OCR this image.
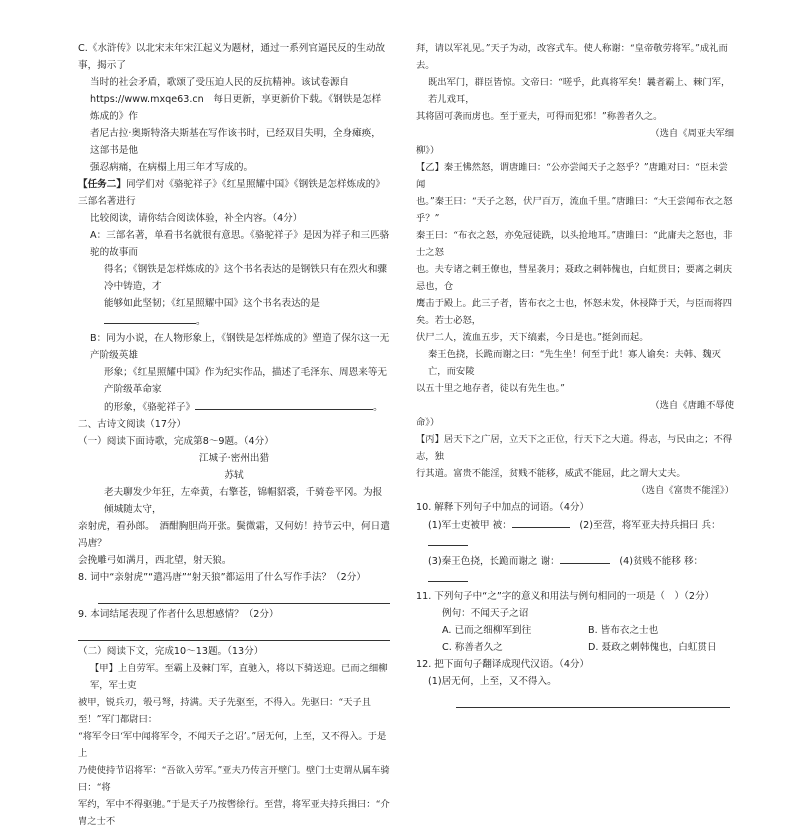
C.《水浒传》以北宋末年宋江起义为题材，通过一系列官逼民反的生动故事，揭示了

当时的社会矛盾，歌颂了受压迫人民的反抗精神。该试卷源自

https://www.mxqe63.cn　 每日更新，享更新价下载。《钢铁是怎样炼成的》作

者尼古拉·奥斯特洛夫斯基在写作该书时，已经双目失明，全身瘫痪，这部书是他

强忍病痛，在病榻上用三年才写成的。

【任务二】同学们对《骆驼祥子》《红星照耀中国》《钢铁是怎样炼成的》三部名著进行

比较阅读，请你结合阅读体验，补全内容。（4分）

A：三部名著，单看书名就很有意思。《骆驼祥子》是因为祥子和三匹骆驼的故事而

得名；《钢铁是怎样炼成的》这个书名表达的是钢铁只有在烈火和骤冷中铸造，才

能够如此坚韧；《红星照耀中国》这个书名表达的是。

B：同为小说，在人物形象上，《钢铁是怎样炼成的》塑造了保尔这一无产阶级英雄

形象；《红星照耀中国》作为纪实作品，描述了毛泽东、周恩来等无产阶级革命家

的形象，《骆驼祥子》	。

二、古诗文阅读（17分）

（一）阅读下面诗歌，完成第8～9题。（4分）

江城子·密州出猎

苏轼

老夫聊发少年狂，左牵黄，右擎苍，锦帽貂裘，千骑卷平冈。为报倾城随太守，

亲射虎，看孙郎。　酒酣胸胆尚开张。鬓微霜，又何妨！持节云中，何日遣冯唐？

会挽雕弓如满月，西北望，射天狼。

8. 词中“亲射虎”“遣冯唐”“射天狼”都运用了什么写作手法？（2分）

9. 本词结尾表现了作者什么思想感情？（2分）

（二）阅读下文，完成10～13题。（13分）

【甲】上自劳军。至霸上及棘门军，直驰入，将以下骑送迎。已而之细柳军，军士吏

被甲，锐兵刃，彀弓弩，持满。天子先驱至，不得入。先驱曰：“天子且至！”军门都尉曰：

“将军令曰‘军中闻将军令，不闻天子之诏’。”居无何，上至，又不得入。于是上

乃使使持节诏将军：“吾欲入劳军。”亚夫乃传言开壁门。壁门士吏谓从属车骑曰：“将

军约，军中不得驱驰。”于是天子乃按辔徐行。至营，将军亚夫持兵揖曰：“介胄之士不

拜，请以军礼见。”天子为动，改容式车。使人称谢：“皇帝敬劳将军。”成礼而去。

既出军门，群臣皆惊。文帝曰：“嗟乎，此真将军矣！曩者霸上、棘门军，若儿戏耳，

其将固可袭而虏也。至于亚夫，可得而犯邪！”称善者久之。

（选自《周亚夫军细

柳》）

【乙】秦王怫然怒，谓唐雎曰：“公亦尝闻天子之怒乎？”唐雎对曰：“臣未尝闻

也。”秦王曰：“天子之怒，伏尸百万，流血千里。”唐雎曰：“大王尝闻布衣之怒乎？”

秦王曰：“布衣之怒，亦免冠徒跣，以头抢地耳。”唐雎曰：“此庸夫之怒也，非士之怒

也。夫专诸之刺王僚也，彗星袭月；聂政之刺韩傀也，白虹贯日；要离之刺庆忌也，仓

鹰击于殿上。此三子者，皆布衣之士也，怀怒未发，休祲降于天，与臣而将四矣。若士必怒，

伏尸二人，流血五步，天下缟素，今日是也。”挺剑而起。

秦王色挠，长跪而谢之曰：“先生坐！何至于此！寡人谕矣：夫韩、魏灭亡，而安陵

以五十里之地存者，徒以有先生也。”

（选自《唐雎不辱使

命》）

【丙】居天下之广居，立天下之正位，行天下之大道。得志，与民由之；不得志，独

行其道。富贵不能淫，贫贱不能移，威武不能屈，此之谓大丈夫。

（选自《富贵不能淫》）

10. 解释下列句子中加点的词语。（4分）

(1)军士吏被甲 被：　	(2)至营，将军亚夫持兵揖曰 兵：

(3)秦王色挠，长跪而谢之 谢：　	(4)贫贱不能移 移：

11. 下列句子中“之”字的意义和用法与例句相同的一项是（　）（2分）

例句：不闻天子之诏

A. 已而之细柳军到往	B. 皆布衣之士也
C. 称善者久之	D. 聂政之刺韩傀也，白虹贯日

12. 把下面句子翻译成现代汉语。（4分）

(1)居无何，上至，又不得入。
